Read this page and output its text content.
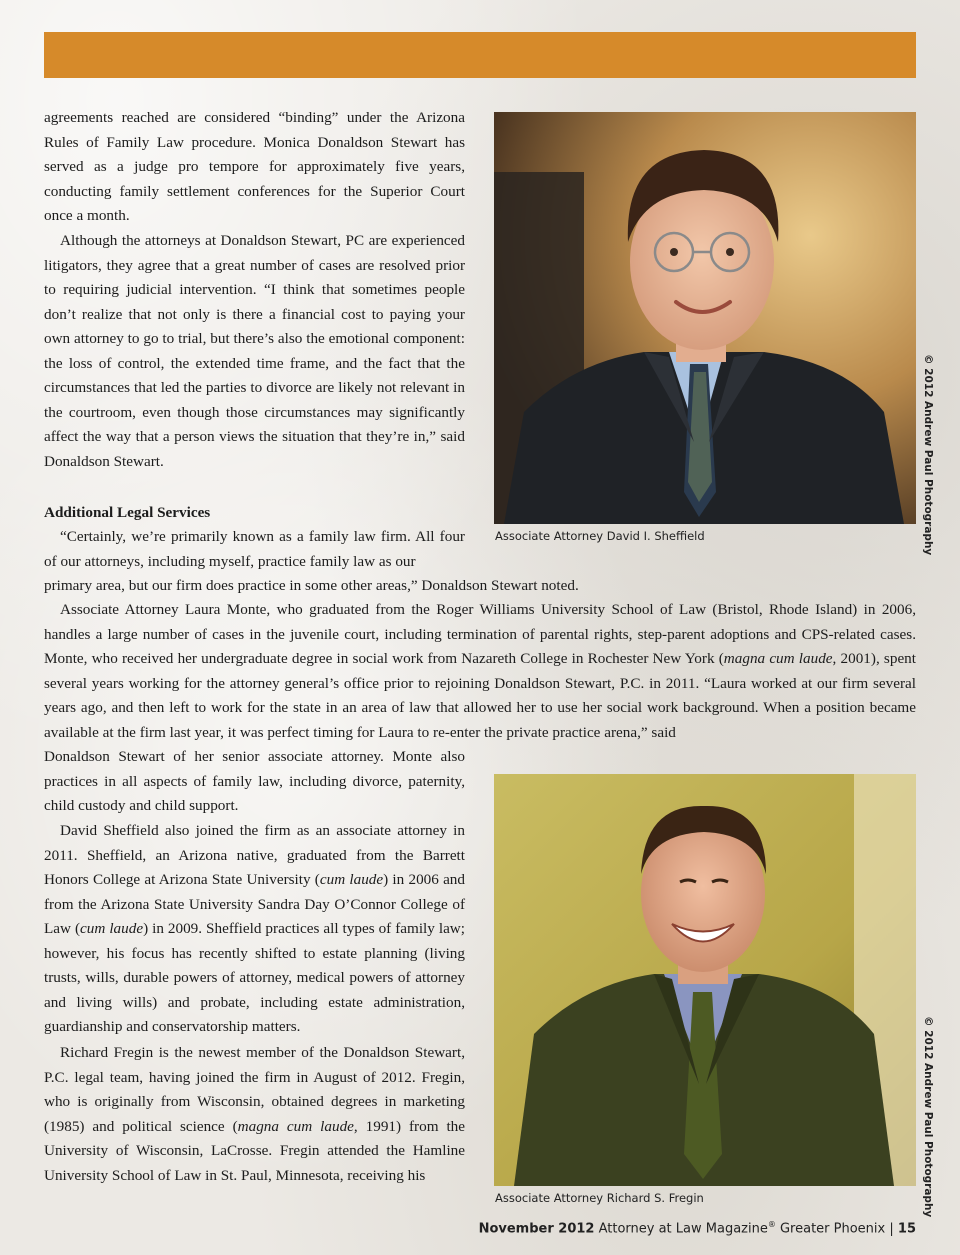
agreements reached are considered “binding” under the Arizona Rules of Family Law procedure. Monica Donaldson Stewart has served as a judge pro tempore for approximately five years, conducting family settlement conferences for the Superior Court once a month.

Although the attorneys at Donaldson Stewart, PC are experienced litigators, they agree that a great number of cases are resolved prior to requiring judicial intervention. “I think that sometimes people don’t realize that not only is there a financial cost to paying your own attorney to go to trial, but there’s also the emotional component: the loss of control, the extended time frame, and the fact that the circumstances that led the parties to divorce are likely not relevant in the courtroom, even though those circumstances may significantly affect the way that a person views the situation that they’re in,” said Donaldson Stewart.

Additional Legal Services

“Certainly, we’re primarily known as a family law firm. All four of our attorneys, including myself, practice family law as our

primary area, but our firm does practice in some other areas,” Donaldson Stewart noted.

Associate Attorney Laura Monte, who graduated from the Roger Williams University School of Law (Bristol, Rhode Island) in 2006, handles a large number of cases in the juvenile court, including termination of parental rights, step-parent adoptions and CPS-related cases. Monte, who received her undergraduate degree in social work from Nazareth College in Rochester New York (magna cum laude, 2001), spent several years working for the attorney general’s office prior to rejoining Donaldson Stewart, P.C. in 2011. “Laura worked at our firm several years ago, and then left to work for the state in an area of law that allowed her to use her social work background. When a position became available at the firm last year, it was perfect timing for Laura to re-enter the private practice arena,” said

Donaldson Stewart of her senior associate attorney. Monte also practices in all aspects of family law, including divorce, paternity, child custody and child support.

David Sheffield also joined the firm as an associate attorney in 2011. Sheffield, an Arizona native, graduated from the Barrett Honors College at Arizona State University (cum laude) in 2006 and from the Arizona State University Sandra Day O’Connor College of Law (cum laude) in 2009. Sheffield practices all types of family law; however, his focus has recently shifted to estate planning (living trusts, wills, durable powers of attorney, medical powers of attorney and living wills) and probate, including estate administration, guardianship and conservatorship matters.

Richard Fregin is the newest member of the Donaldson Stewart, P.C. legal team, having joined the firm in August of 2012. Fregin, who is originally from Wisconsin, obtained degrees in marketing (1985) and political science (magna cum laude, 1991) from the University of Wisconsin, LaCrosse. Fregin attended the Hamline University School of Law in St. Paul, Minnesota, receiving his

© 2012 Andrew Paul Photography
Associate Attorney David I. Sheffield
© 2012 Andrew Paul Photography
Associate Attorney Richard S. Fregin
November 2012 Attorney at Law Magazine® Greater Phoenix | 15
